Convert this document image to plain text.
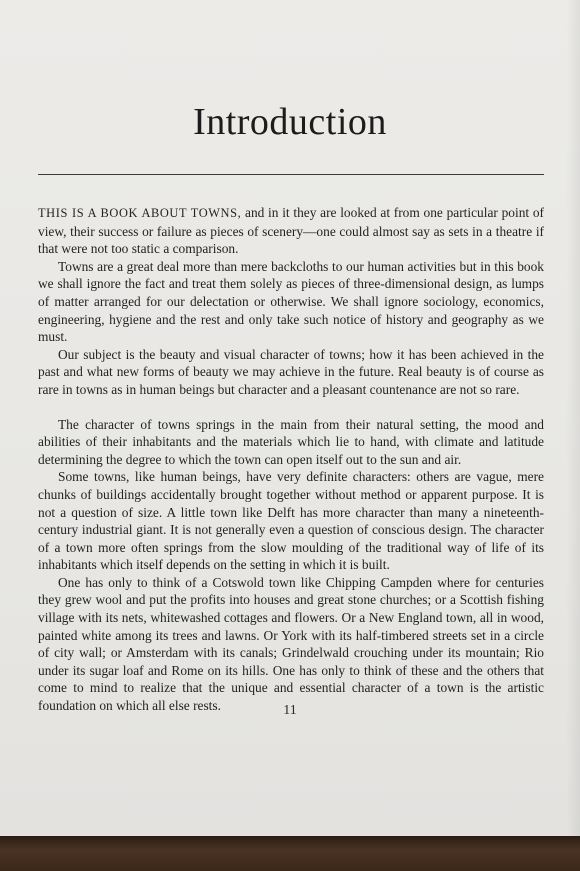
Introduction

THIS IS A BOOK ABOUT TOWNS, and in it they are looked at from one particular point of view, their success or failure as pieces of scenery—one could almost say as sets in a theatre if that were not too static a comparison.

Towns are a great deal more than mere backcloths to our human activities but in this book we shall ignore the fact and treat them solely as pieces of three-dimensional design, as lumps of matter arranged for our delectation or otherwise. We shall ignore sociology, economics, engineering, hygiene and the rest and only take such notice of history and geography as we must.

Our subject is the beauty and visual character of towns; how it has been achieved in the past and what new forms of beauty we may achieve in the future. Real beauty is of course as rare in towns as in human beings but character and a pleasant countenance are not so rare.

The character of towns springs in the main from their natural setting, the mood and abilities of their inhabitants and the materials which lie to hand, with climate and latitude determining the degree to which the town can open itself out to the sun and air.

Some towns, like human beings, have very definite characters: others are vague, mere chunks of buildings accidentally brought together without method or apparent purpose. It is not a question of size. A little town like Delft has more character than many a nineteenth-century industrial giant. It is not generally even a question of conscious design. The character of a town more often springs from the slow moulding of the traditional way of life of its inhabitants which itself depends on the setting in which it is built.

One has only to think of a Cotswold town like Chipping Campden where for centuries they grew wool and put the profits into houses and great stone churches; or a Scottish fishing village with its nets, whitewashed cottages and flowers. Or a New England town, all in wood, painted white among its trees and lawns. Or York with its half-timbered streets set in a circle of city wall; or Amsterdam with its canals; Grindelwald crouching under its mountain; Rio under its sugar loaf and Rome on its hills. One has only to think of these and the others that come to mind to realize that the unique and essential character of a town is the artistic foundation on which all else rests.	11
